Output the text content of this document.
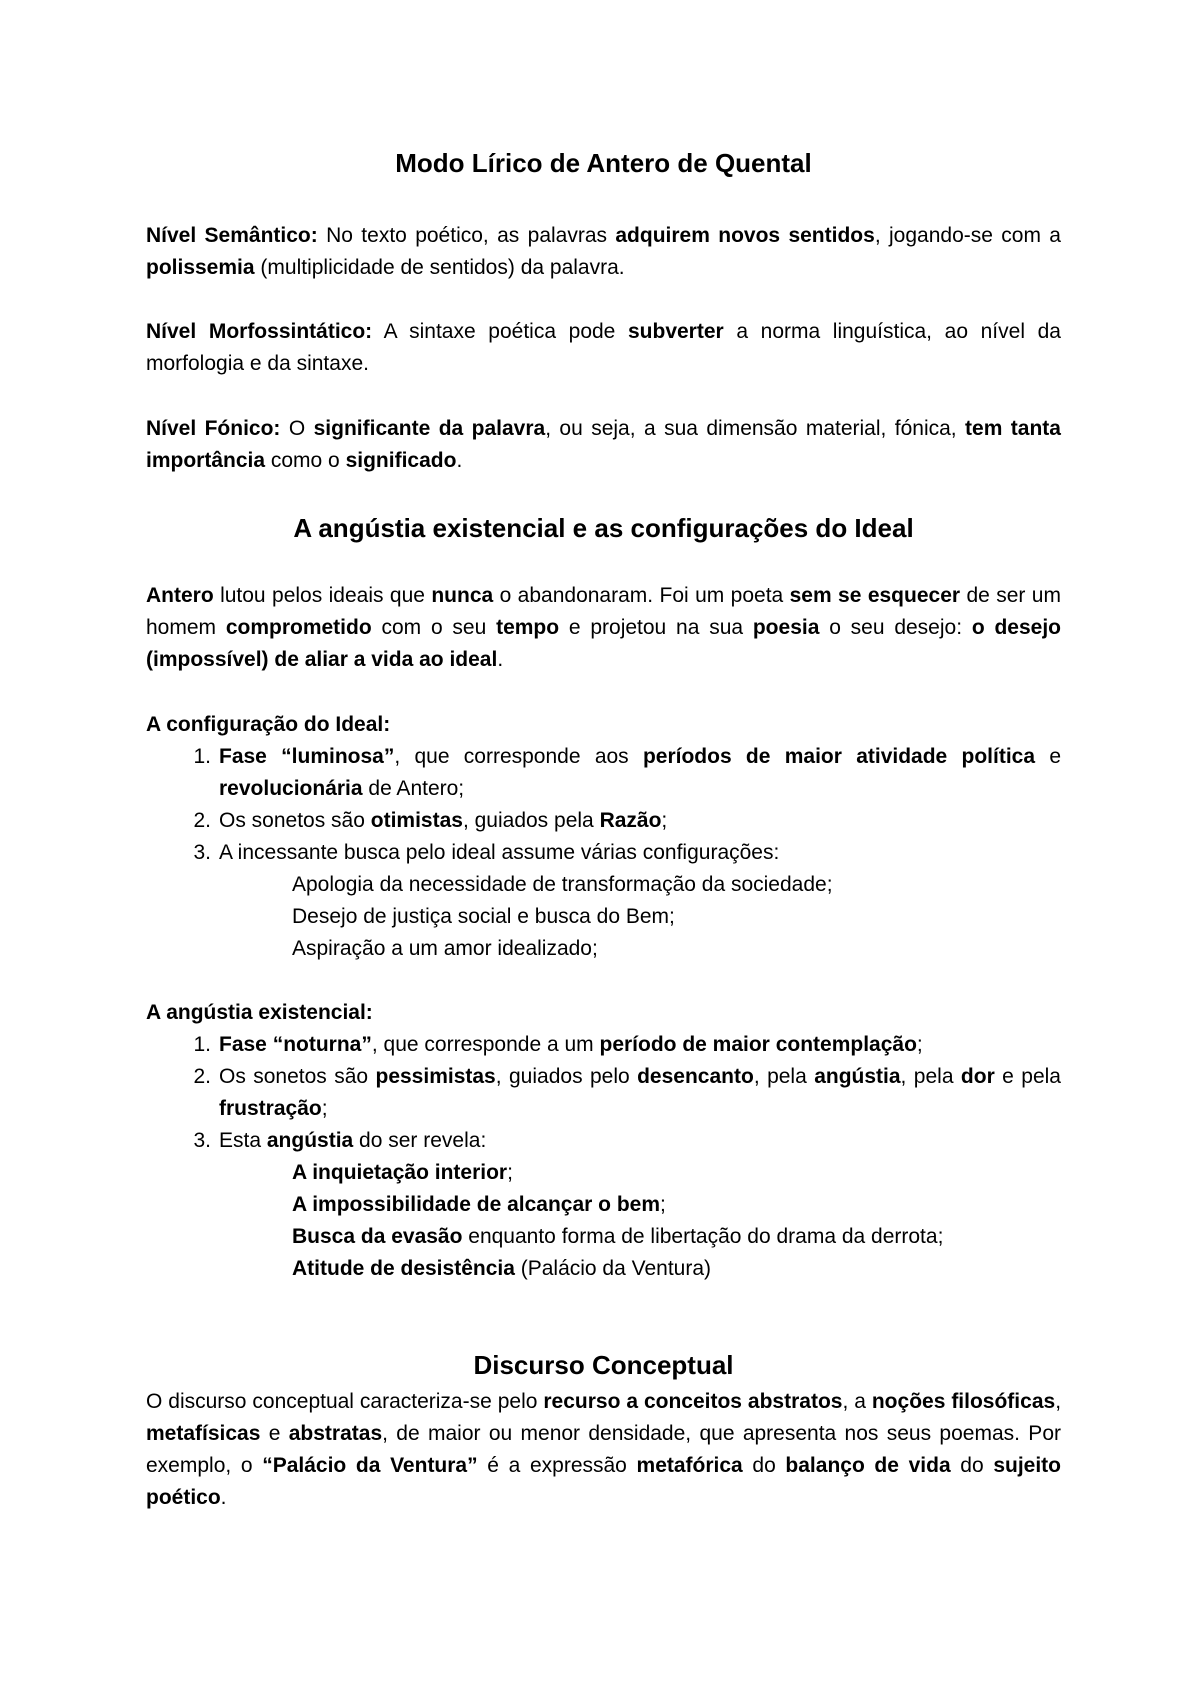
Modo Lírico de Antero de Quental

Nível Semântico: No texto poético, as palavras adquirem novos sentidos, jogando-se com a polissemia (multiplicidade de sentidos) da palavra.

Nível Morfossintático: A sintaxe poética pode subverter a norma linguística, ao nível da morfologia e da sintaxe.

Nível Fónico: O significante da palavra, ou seja, a sua dimensão material, fónica, tem tanta importância como o significado.

A angústia existencial e as configurações do Ideal

Antero lutou pelos ideais que nunca o abandonaram. Foi um poeta sem se esquecer de ser um homem comprometido com o seu tempo e projetou na sua poesia o seu desejo: o desejo (impossível) de aliar a vida ao ideal.

A configuração do Ideal:

1. Fase “luminosa”, que corresponde aos períodos de maior atividade política e revolucionária de Antero;
2. Os sonetos são otimistas, guiados pela Razão;
3. A incessante busca pelo ideal assume várias configurações:

Apologia da necessidade de transformação da sociedade;

Desejo de justiça social e busca do Bem;

Aspiração a um amor idealizado;

A angústia existencial:

1. Fase “noturna”, que corresponde a um período de maior contemplação;
2. Os sonetos são pessimistas, guiados pelo desencanto, pela angústia, pela dor e pela frustração;
3. Esta angústia do ser revela:

A inquietação interior;

A impossibilidade de alcançar o bem;

Busca da evasão enquanto forma de libertação do drama da derrota;

Atitude de desistência (Palácio da Ventura)

Discurso Conceptual

O discurso conceptual caracteriza-se pelo recurso a conceitos abstratos, a noções filosóficas, metafísicas e abstratas, de maior ou menor densidade, que apresenta nos seus poemas. Por exemplo, o “Palácio da Ventura” é a expressão metafórica do balanço de vida do sujeito poético.
